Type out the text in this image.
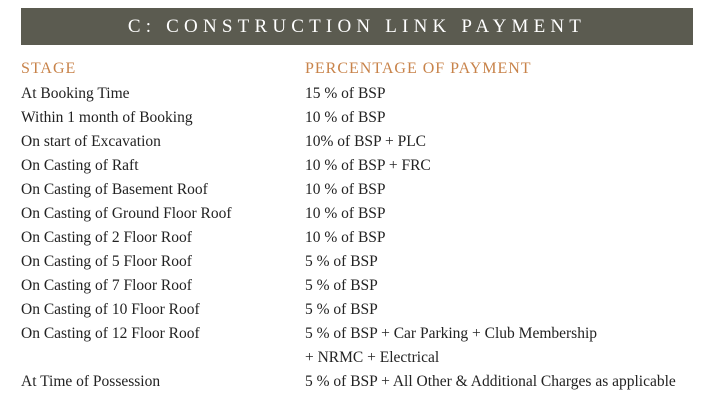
C: CONSTRUCTION LINK PAYMENT
STAGE	PERCENTAGE OF PAYMENT
At Booking Time	15 % of BSP
Within 1 month of Booking	10 % of BSP
On start of Excavation	10% of BSP + PLC
On Casting of Raft	10 % of BSP + FRC
On Casting of Basement Roof	10 % of BSP
On Casting of Ground Floor Roof	10 % of BSP
On Casting of 2 Floor Roof	10 % of BSP
On Casting of 5 Floor Roof	5 % of BSP
On Casting of 7 Floor Roof	5 % of BSP
On Casting of 10 Floor Roof	5 % of BSP
On Casting of 12 Floor Roof	5 % of BSP + Car Parking + Club Membership
+ NRMC + Electrical
At Time of Possession	5 % of BSP + All Other & Additional Charges as applicable
